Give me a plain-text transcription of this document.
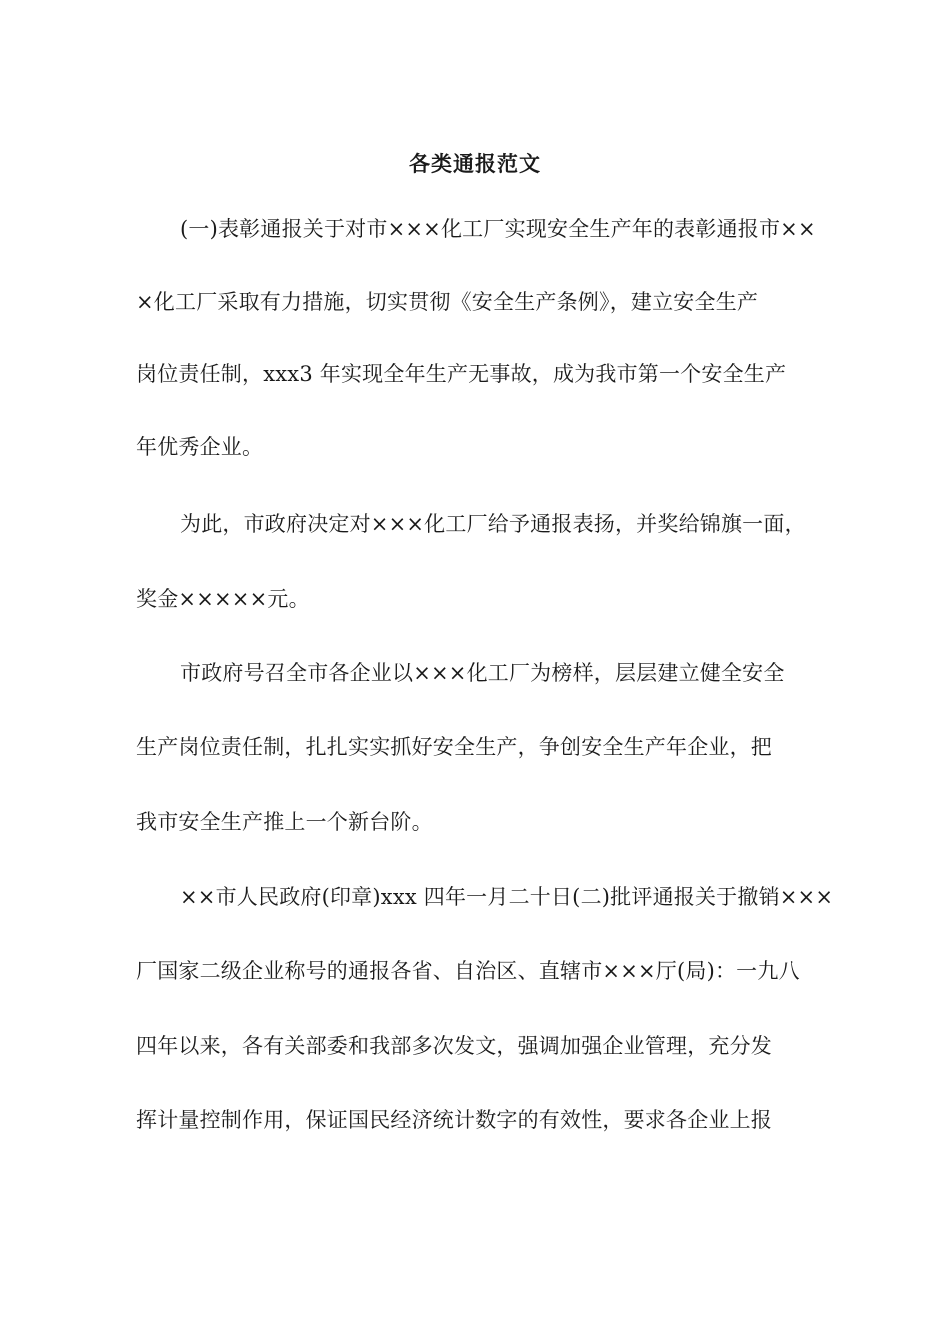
各类通报范文

(一)表彰通报关于对市×××化工厂实现安全生产年的表彰通报市××

×化工厂采取有力措施，切实贯彻《安全生产条例》，建立安全生产

岗位责任制，xxx3 年实现全年生产无事故，成为我市第一个安全生产

年优秀企业。

为此，市政府决定对×××化工厂给予通报表扬，并奖给锦旗一面，

奖金×××××元。

市政府号召全市各企业以×××化工厂为榜样，层层建立健全安全

生产岗位责任制，扎扎实实抓好安全生产，争创安全生产年企业，把

我市安全生产推上一个新台阶。

××市人民政府(印章)xxx 四年一月二十日(二)批评通报关于撤销×××

厂国家二级企业称号的通报各省、自治区、直辖市×××厅(局)：一九八

四年以来，各有关部委和我部多次发文，强调加强企业管理，充分发

挥计量控制作用，保证国民经济统计数字的有效性，要求各企业上报
